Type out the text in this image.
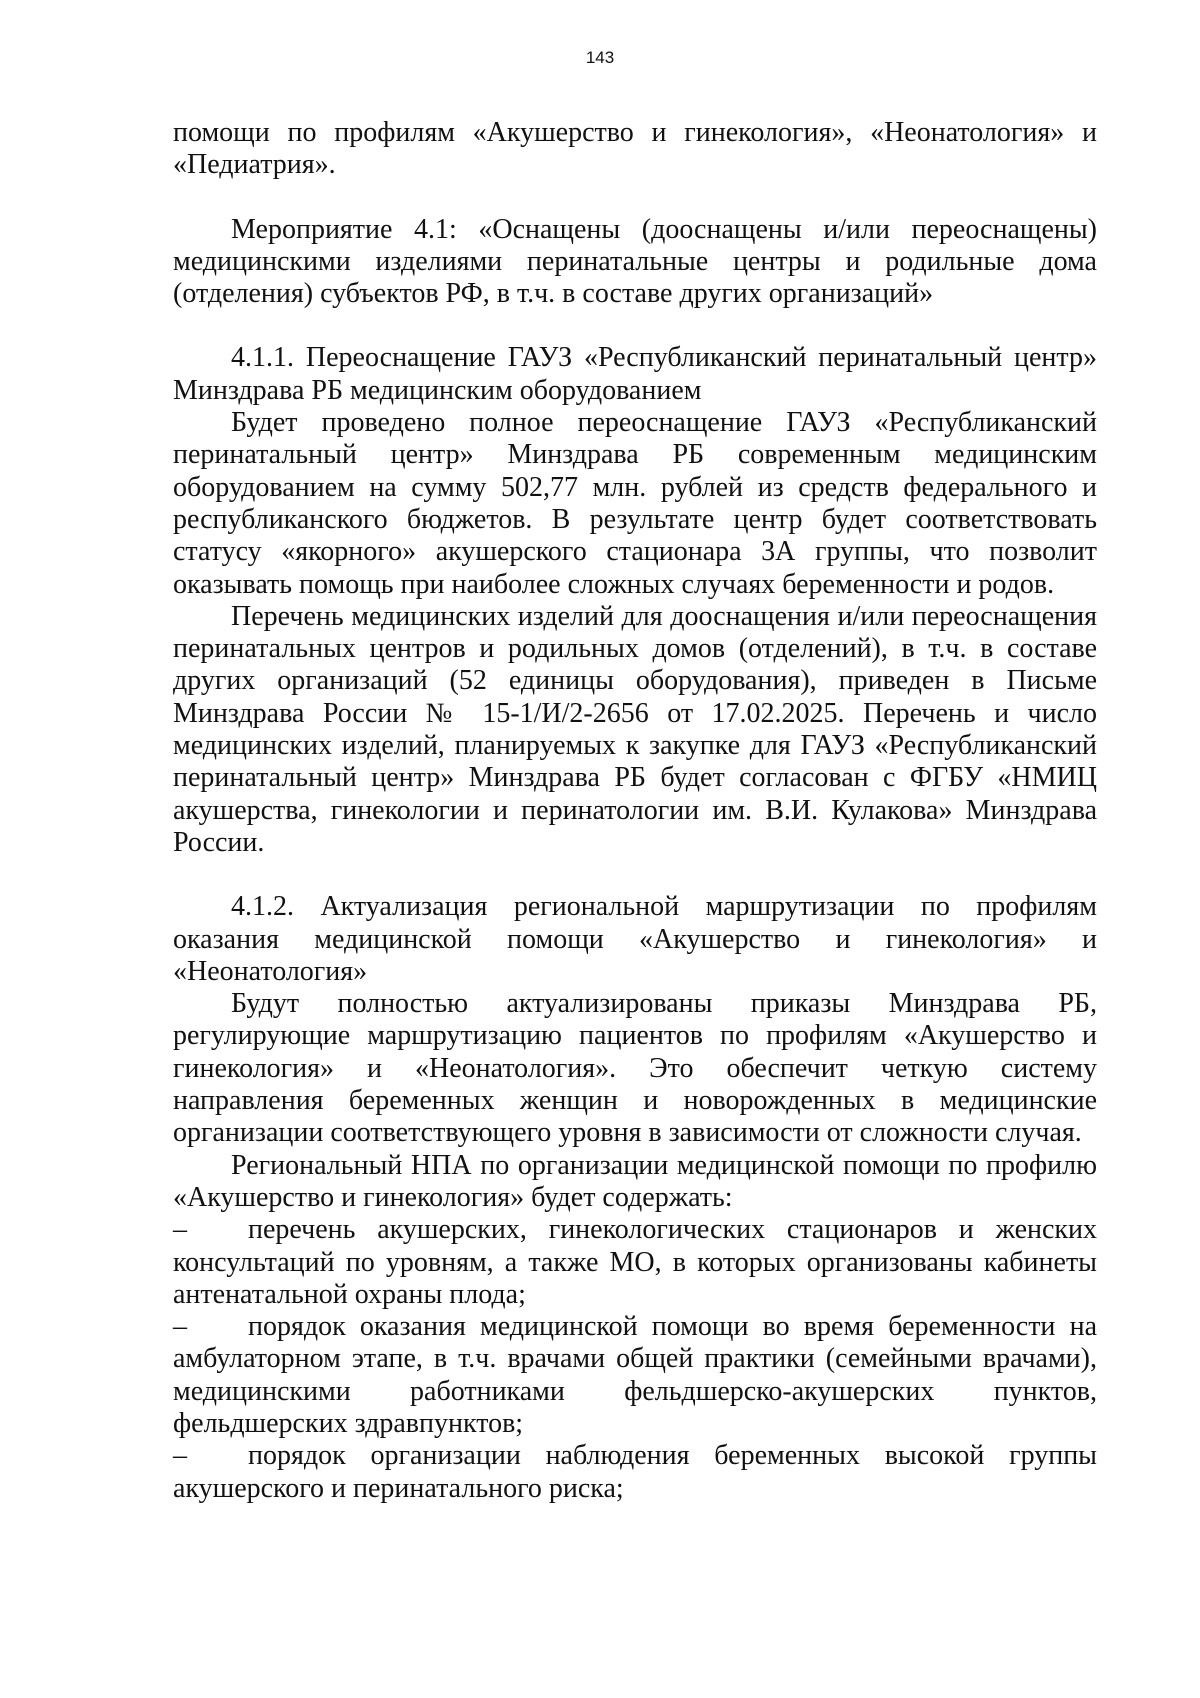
143

помощи по профилям «Акушерство и гинекология», «Неонатология» и «Педиатрия».

Мероприятие 4.1: «Оснащены (дооснащены и/или переоснащены) медицинскими изделиями перинатальные центры и родильные дома (отделения) субъектов РФ, в т.ч. в составе других организаций»

4.1.1. Переоснащение ГАУЗ «Республиканский перинатальный центр» Минздрава РБ медицинским оборудованием

Будет проведено полное переоснащение ГАУЗ «Республиканский перинатальный центр» Минздрава РБ современным медицинским оборудованием на сумму 502,77 млн. рублей из средств федерального и республиканского бюджетов. В результате центр будет соответствовать статусу «якорного» акушерского стационара 3А группы, что позволит оказывать помощь при наиболее сложных случаях беременности и родов.

Перечень медицинских изделий для дооснащения и/или переоснащения перинатальных центров и родильных домов (отделений), в т.ч. в составе других организаций (52 единицы оборудования), приведен в Письме Минздрава России № 15-1/И/2-2656 от 17.02.2025. Перечень и число медицинских изделий, планируемых к закупке для ГАУЗ «Республиканский перинатальный центр» Минздрава РБ будет согласован с ФГБУ «НМИЦ акушерства, гинекологии и перинатологии им. В.И. Кулакова» Минздрава России.

4.1.2. Актуализация региональной маршрутизации по профилям оказания медицинской помощи «Акушерство и гинекология» и «Неонатология»

Будут полностью актуализированы приказы Минздрава РБ, регулирующие маршрутизацию пациентов по профилям «Акушерство и гинекология» и «Неонатология». Это обеспечит четкую систему направления беременных женщин и новорожденных в медицинские организации соответствующего уровня в зависимости от сложности случая.

Региональный НПА по организации медицинской помощи по профилю «Акушерство и гинекология» будет содержать:

– перечень акушерских, гинекологических стационаров и женских консультаций по уровням, а также МО, в которых организованы кабинеты антенатальной охраны плода;

– порядок оказания медицинской помощи во время беременности на амбулаторном этапе, в т.ч. врачами общей практики (семейными врачами), медицинскими работниками фельдшерско-акушерских пунктов, фельдшерских здравпунктов;

– порядок организации наблюдения беременных высокой группы акушерского и перинатального риска;
